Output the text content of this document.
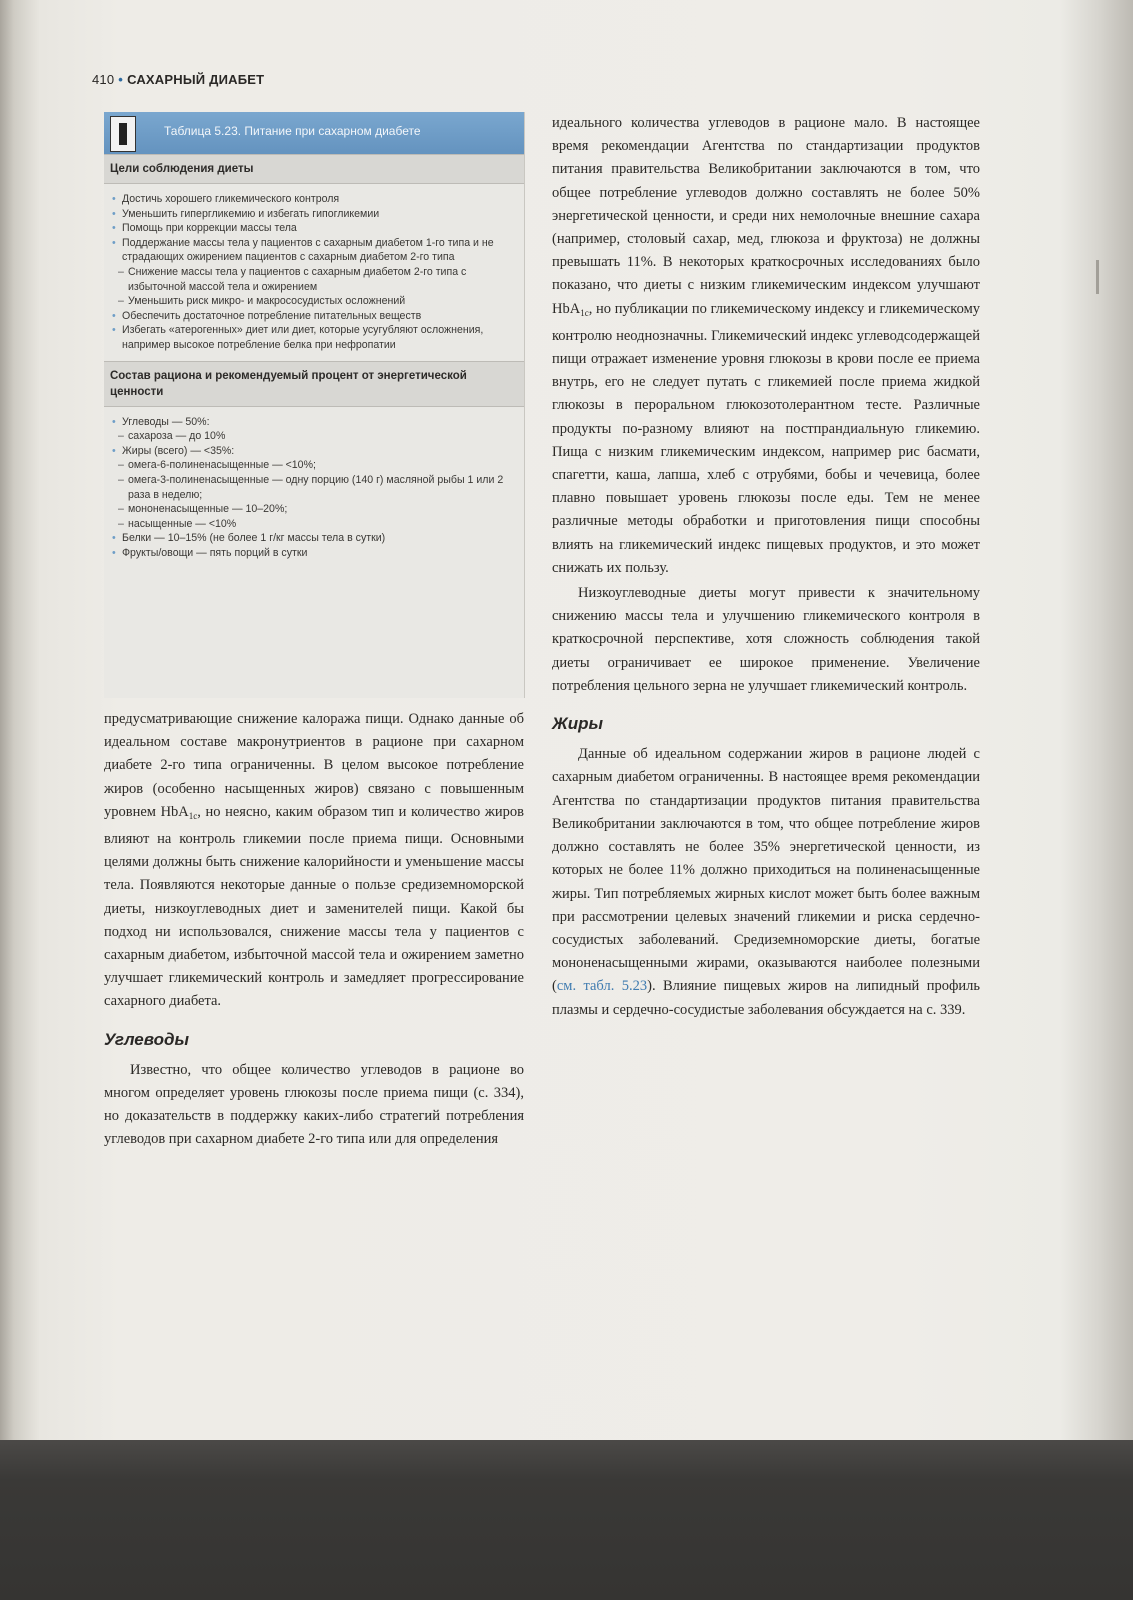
410 • САХАРНЫЙ ДИАБЕТ
Таблица 5.23. Питание при сахарном диабете
Цели соблюдения диеты
• Достичь хорошего гликемического контроля
• Уменьшить гипергликемию и избегать гипогликемии
• Помощь при коррекции массы тела
• Поддержание массы тела у пациентов с сахарным диабетом 1-го типа и не страдающих ожирением пациентов с сахарным диабетом 2-го типа
– Снижение массы тела у пациентов с сахарным диабетом 2-го типа с избыточной массой тела и ожирением
– Уменьшить риск микро- и макрососудистых осложнений
• Обеспечить достаточное потребление питательных веществ
• Избегать «атерогенных» диет или диет, которые усугубляют осложнения, например высокое потребление белка при нефропатии
Состав рациона и рекомендуемый процент от энергетической ценности
• Углеводы — 50%:
– сахароза — до 10%
• Жиры (всего) — <35%:
– омега-6-полиненасыщенные — <10%;
– омега-3-полиненасыщенные — одну порцию (140 г) масляной рыбы 1 или 2 раза в неделю;
– мононенасыщенные — 10–20%;
– насыщенные — <10%
• Белки — 10–15% (не более 1 г/кг массы тела в сутки)
• Фрукты/овощи — пять порций в сутки

предусматривающие снижение калоража пищи. Однако данные об идеальном составе макронутриентов в рационе при сахарном диабете 2-го типа ограниченны. В целом высокое потребление жиров (особенно насыщенных жиров) связано с повышенным уровнем HbA$_{1c}$, но неясно, каким образом тип и количество жиров влияют на контроль гликемии после приема пищи. Основными целями должны быть снижение калорийности и уменьшение массы тела. Появляются некоторые данные о пользе средиземноморской диеты, низкоуглеводных диет и заменителей пищи. Какой бы подход ни использовался, снижение массы тела у пациентов с сахарным диабетом, избыточной массой тела и ожирением заметно улучшает гликемический контроль и замедляет прогрессирование сахарного диабета.

Углеводы

Известно, что общее количество углеводов в рационе во многом определяет уровень глюкозы после приема пищи (с. 334), но доказательств в поддержку каких-либо стратегий потребления углеводов при сахарном диабете 2-го типа или для определения

идеального количества углеводов в рационе мало. В настоящее время рекомендации Агентства по стандартизации продуктов питания правительства Великобритании заключаются в том, что общее потребление углеводов должно составлять не более 50% энергетической ценности, и среди них немолочные внешние сахара (например, столовый сахар, мед, глюкоза и фруктоза) не должны превышать 11%. В некоторых краткосрочных исследованиях было показано, что диеты с низким гликемическим индексом улучшают HbA$_{1c}$, но публикации по гликемическому индексу и гликемическому контролю неоднозначны. Гликемический индекс углеводсодержащей пищи отражает изменение уровня глюкозы в крови после ее приема внутрь, его не следует путать с гликемией после приема жидкой глюкозы в пероральном глюкозотолерантном тесте. Различные продукты по-разному влияют на постпрандиальную гликемию. Пища с низким гликемическим индексом, например рис басмати, спагетти, каша, лапша, хлеб с отрубями, бобы и чечевица, более плавно повышает уровень глюкозы после еды. Тем не менее различные методы обработки и приготовления пищи способны влиять на гликемический индекс пищевых продуктов, и это может снижать их пользу.

Низкоуглеводные диеты могут привести к значительному снижению массы тела и улучшению гликемического контроля в краткосрочной перспективе, хотя сложность соблюдения такой диеты ограничивает ее широкое применение. Увеличение потребления цельного зерна не улучшает гликемический контроль.

Жиры

Данные об идеальном содержании жиров в рационе людей с сахарным диабетом ограниченны. В настоящее время рекомендации Агентства по стандартизации продуктов питания правительства Великобритании заключаются в том, что общее потребление жиров должно составлять не более 35% энергетической ценности, из которых не более 11% должно приходиться на полиненасыщенные жиры. Тип потребляемых жирных кислот может быть более важным при рассмотрении целевых значений гликемии и риска сердечно-сосудистых заболеваний. Средиземноморские диеты, богатые мононенасыщенными жирами, оказываются наиболее полезными (см. табл. 5.23). Влияние пищевых жиров на липидный профиль плазмы и сердечно-сосудистые заболевания обсуждается на с. 339.
